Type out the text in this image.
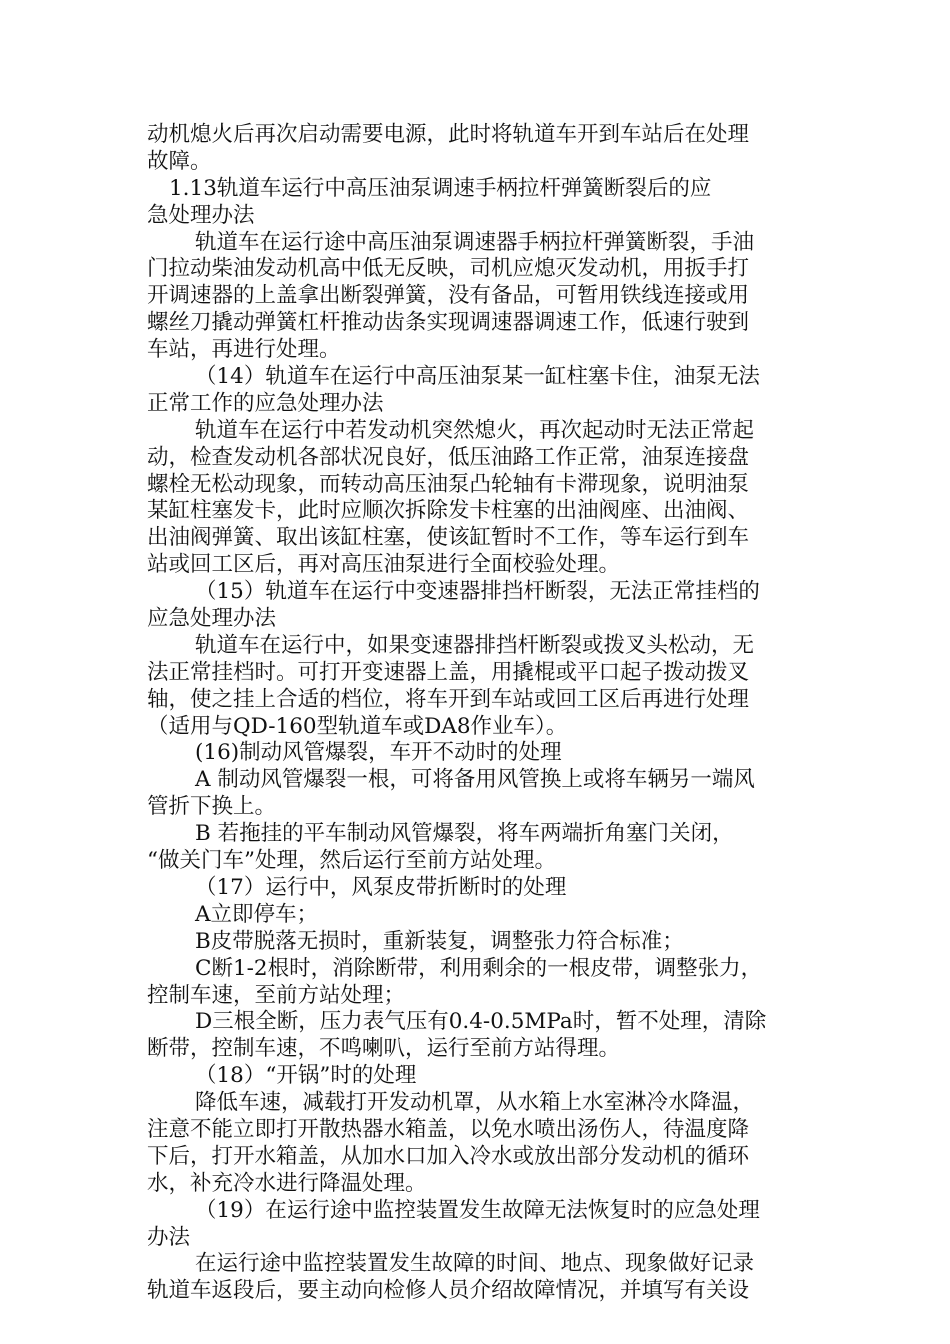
动机熄火后再次启动需要电源，此时将轨道车开到车站后在处理
故障。
1.13轨道车运行中高压油泵调速手柄拉杆弹簧断裂后的应
急处理办法
轨道车在运行途中高压油泵调速器手柄拉杆弹簧断裂，手油
门拉动柴油发动机高中低无反映，司机应熄灭发动机，用扳手打
开调速器的上盖拿出断裂弹簧，没有备品，可暂用铁线连接或用
螺丝刀撬动弹簧杠杆推动齿条实现调速器调速工作，低速行驶到
车站，再进行处理。
（14）轨道车在运行中高压油泵某一缸柱塞卡住，油泵无法
正常工作的应急处理办法
轨道车在运行中若发动机突然熄火，再次起动时无法正常起
动，检查发动机各部状况良好，低压油路工作正常，油泵连接盘
螺栓无松动现象，而转动高压油泵凸轮轴有卡滞现象，说明油泵
某缸柱塞发卡，此时应顺次拆除发卡柱塞的出油阀座、出油阀、
出油阀弹簧、取出该缸柱塞，使该缸暂时不工作，等车运行到车
站或回工区后，再对高压油泵进行全面校验处理。
（15）轨道车在运行中变速器排挡杆断裂，无法正常挂档的
应急处理办法
轨道车在运行中，如果变速器排挡杆断裂或拨叉头松动，无
法正常挂档时。可打开变速器上盖，用撬棍或平口起子拨动拨叉
轴，使之挂上合适的档位，将车开到车站或回工区后再进行处理
（适用与QD-160型轨道车或DA8作业车）。
(16)制动风管爆裂，车开不动时的处理
A 制动风管爆裂一根，可将备用风管换上或将车辆另一端风
管折下换上。
B 若拖挂的平车制动风管爆裂，将车两端折角塞门关闭，
“做关门车”处理，然后运行至前方站处理。
（17）运行中，风泵皮带折断时的处理
A立即停车；
B皮带脱落无损时，重新装复，调整张力符合标准；
C断1-2根时，消除断带，利用剩余的一根皮带，调整张力，
控制车速，至前方站处理；
D三根全断，压力表气压有0.4-0.5MPa时，暂不处理，清除
断带，控制车速，不鸣喇叭，运行至前方站得理。
（18）“开锅”时的处理
降低车速，减载打开发动机罩，从水箱上水室淋冷水降温，
注意不能立即打开散热器水箱盖，以免水喷出汤伤人，待温度降
下后，打开水箱盖，从加水口加入冷水或放出部分发动机的循环
水，补充冷水进行降温处理。
（19）在运行途中监控装置发生故障无法恢复时的应急处理
办法
在运行途中监控装置发生故障的时间、地点、现象做好记录
轨道车返段后，要主动向检修人员介绍故障情况，并填写有关设
